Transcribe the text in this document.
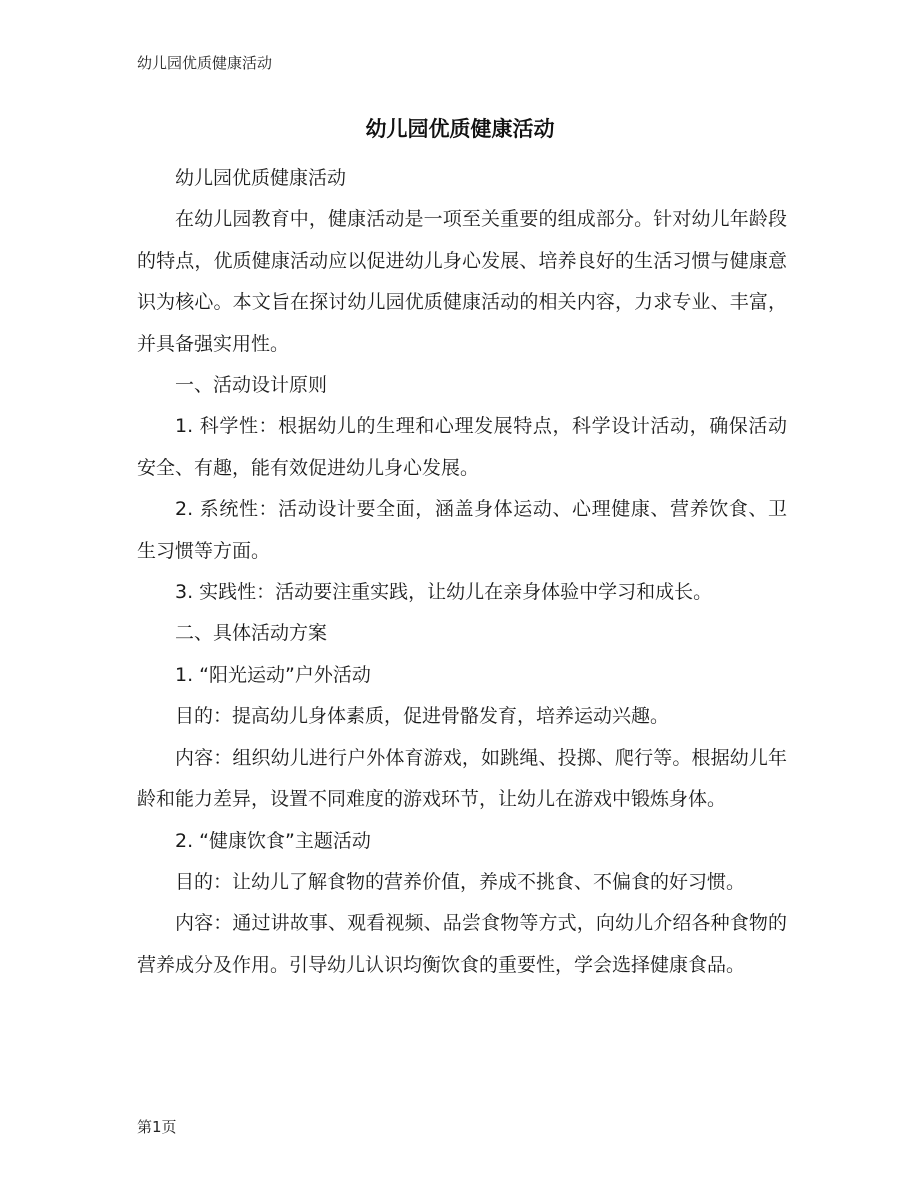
幼儿园优质健康活动
幼儿园优质健康活动

幼儿园优质健康活动

在幼儿园教育中，健康活动是一项至关重要的组成部分。针对幼儿年龄段的特点，优质健康活动应以促进幼儿身心发展、培养良好的生活习惯与健康意识为核心。本文旨在探讨幼儿园优质健康活动的相关内容，力求专业、丰富，并具备强实用性。

一、活动设计原则

1. 科学性：根据幼儿的生理和心理发展特点，科学设计活动，确保活动安全、有趣，能有效促进幼儿身心发展。

2. 系统性：活动设计要全面，涵盖身体运动、心理健康、营养饮食、卫生习惯等方面。

3. 实践性：活动要注重实践，让幼儿在亲身体验中学习和成长。

二、具体活动方案

1. “阳光运动”户外活动

目的：提高幼儿身体素质，促进骨骼发育，培养运动兴趣。

内容：组织幼儿进行户外体育游戏，如跳绳、投掷、爬行等。根据幼儿年龄和能力差异，设置不同难度的游戏环节，让幼儿在游戏中锻炼身体。

2. “健康饮食”主题活动

目的：让幼儿了解食物的营养价值，养成不挑食、不偏食的好习惯。

内容：通过讲故事、观看视频、品尝食物等方式，向幼儿介绍各种食物的营养成分及作用。引导幼儿认识均衡饮食的重要性，学会选择健康食品。

第1页
